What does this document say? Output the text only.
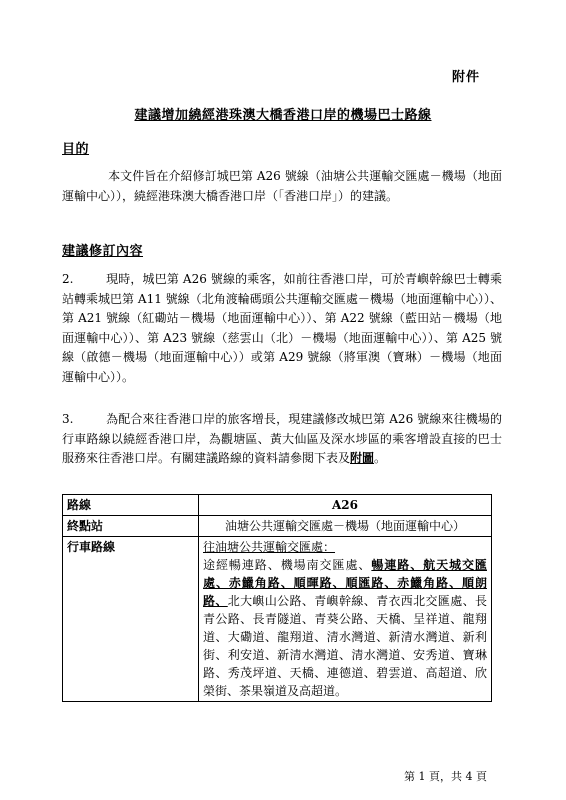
附件
建議增加繞經港珠澳大橋香港口岸的機場巴士路線
目的
本文件旨在介紹修訂城巴第 A26 號線（油塘公共運輸交匯處－機場（地面運輸中心）），繞經港珠澳大橋香港口岸（「香港口岸」）的建議。
建議修訂內容
2.	現時，城巴第 A26 號線的乘客，如前往香港口岸，可於青嶼幹線巴士轉乘站轉乘城巴第 A11 號線（北角渡輪碼頭公共運輸交匯處－機場（地面運輸中心））、第 A21 號線（紅磡站－機場（地面運輸中心））、第 A22 號線（藍田站－機場（地面運輸中心））、第 A23 號線（慈雲山（北）－機場（地面運輸中心））、第 A25 號線（啟德－機場（地面運輸中心））或第 A29 號線（將軍澳（寶琳）－機場（地面運輸中心））。
3.	為配合來往香港口岸的旅客增長，現建議修改城巴第 A26 號線來往機場的行車路線以繞經香港口岸，為觀塘區、黃大仙區及深水埗區的乘客增設直接的巴士服務來往香港口岸。有關建議路線的資料請參閱下表及附圖。
路線	A26
終點站	油塘公共運輸交匯處－機場（地面運輸中心）
行車路線	往油塘公共運輸交匯處：
途經暢連路、機場南交匯處、暢連路、航天城交匯處、赤鱲角路、順暉路、順匯路、赤鱲角路、順朗路、北大嶼山公路、青嶼幹線、青衣西北交匯處、長青公路、長青隧道、青葵公路、天橋、呈祥道、龍翔道、大磡道、龍翔道、清水灣道、新清水灣道、新利街、利安道、新清水灣道、清水灣道、安秀道、寶琳路、秀茂坪道、天橋、連德道、碧雲道、高超道、欣榮街、茶果嶺道及高超道。
第 1 頁，共 4 頁
